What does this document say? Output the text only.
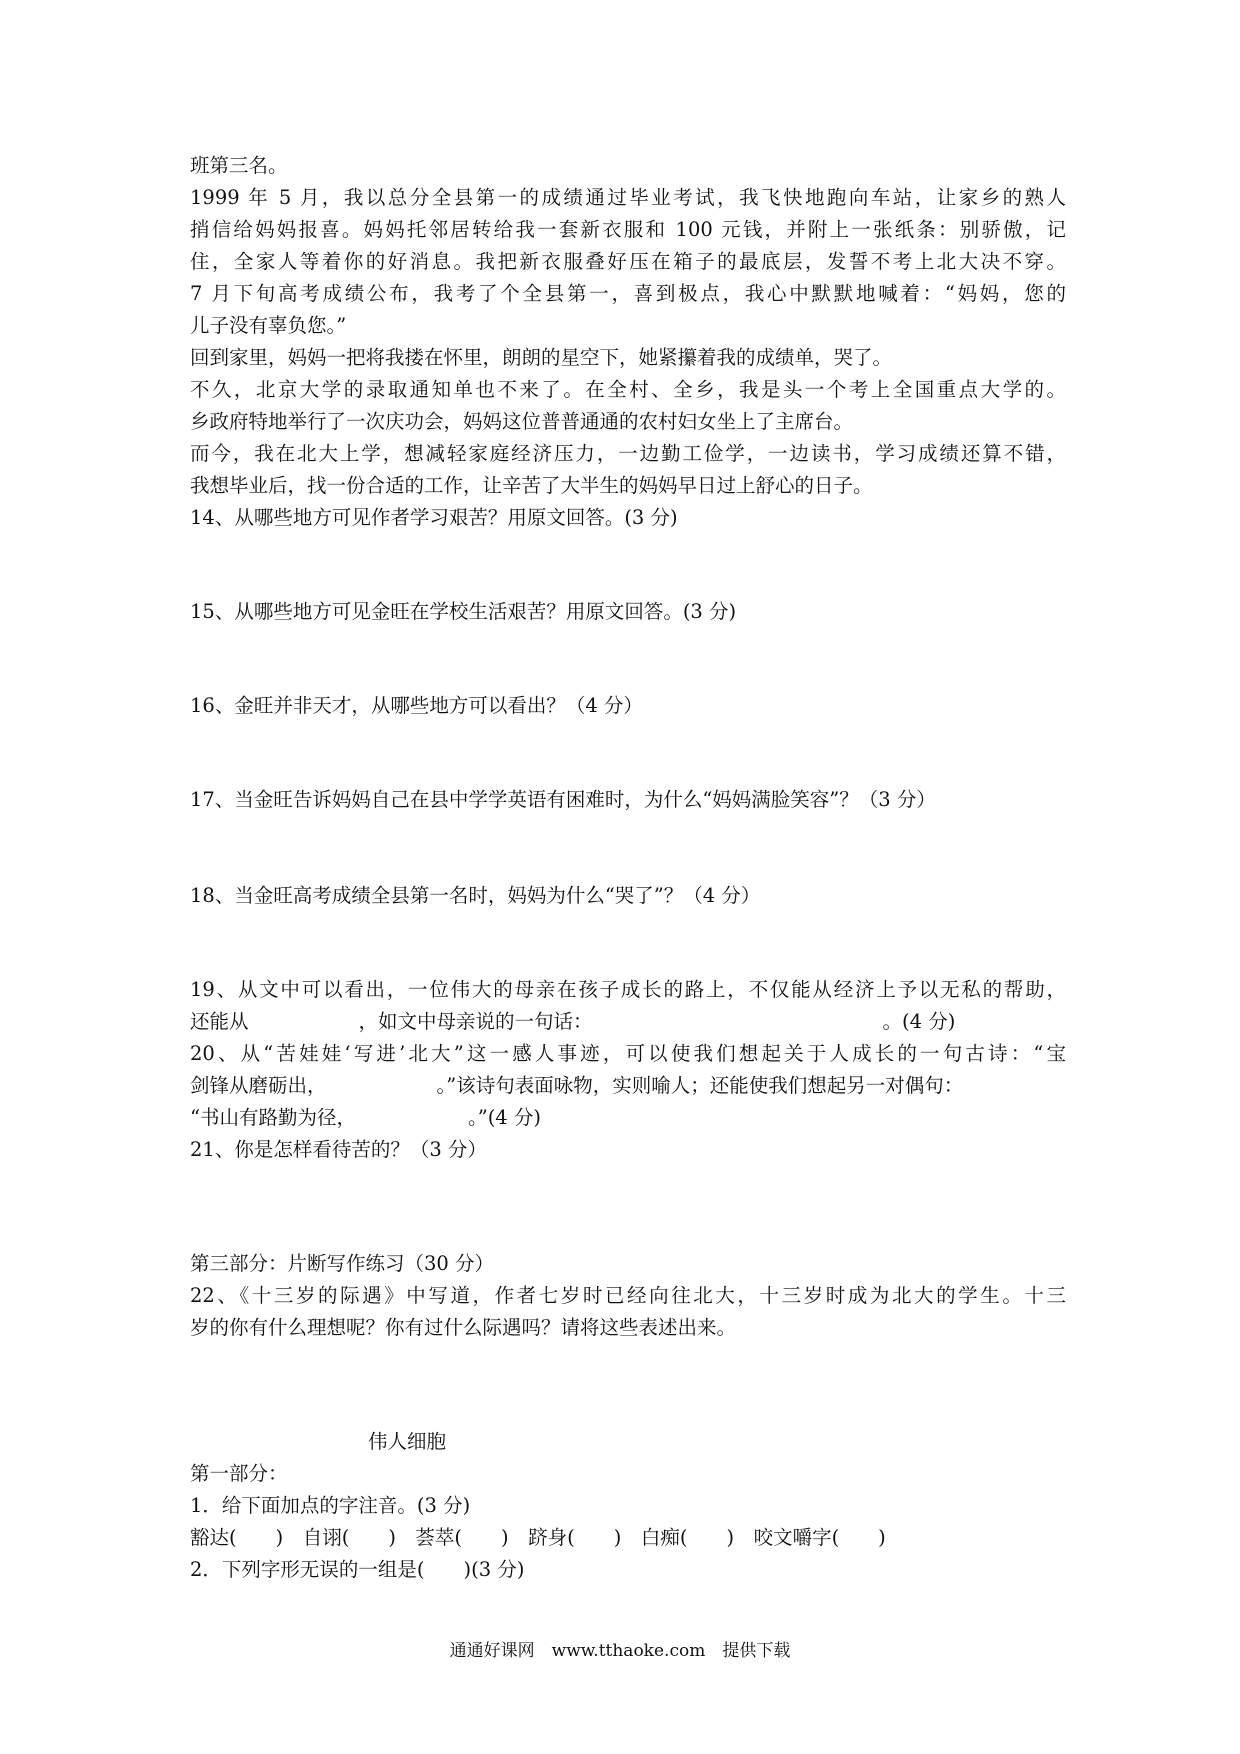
班第三名。
1999 年 5 月，我以总分全县第一的成绩通过毕业考试，我飞快地跑向车站，让家乡的熟人
捎信给妈妈报喜。妈妈托邻居转给我一套新衣服和 100 元钱，并附上一张纸条：别骄傲，记
住，全家人等着你的好消息。我把新衣服叠好压在箱子的最底层，发誓不考上北大决不穿。
7 月下旬高考成绩公布，我考了个全县第一，喜到极点，我心中默默地喊着：“妈妈，您的
儿子没有辜负您。”
回到家里，妈妈一把将我搂在怀里，朗朗的星空下，她紧攥着我的成绩单，哭了。
不久，北京大学的录取通知单也不来了。在全村、全乡，我是头一个考上全国重点大学的。
乡政府特地举行了一次庆功会，妈妈这位普普通通的农村妇女坐上了主席台。
而今，我在北大上学，想减轻家庭经济压力，一边勤工俭学，一边读书，学习成绩还算不错，
我想毕业后，找一份合适的工作，让辛苦了大半生的妈妈早日过上舒心的日子。
14、从哪些地方可见作者学习艰苦？用原文回答。(3 分)
15、从哪些地方可见金旺在学校生活艰苦？用原文回答。(3 分)
16、金旺并非天才，从哪些地方可以看出？（4 分）
17、当金旺告诉妈妈自己在县中学学英语有困难时，为什么“妈妈满脸笑容”？（3 分）
18、当金旺高考成绩全县第一名时，妈妈为什么“哭了”？（4 分）
19、从文中可以看出，一位伟大的母亲在孩子成长的路上，不仅能从经济上予以无私的帮助，
还能从	，如文中母亲说的一句话：	。(4 分)
20、从“苦娃娃‘写进’北大”这一感人事迹，可以使我们想起关于人成长的一句古诗：“宝
剑锋从磨砺出，	。”该诗句表面咏物，实则喻人；还能使我们想起另一对偶句：
“书山有路勤为径，	。”(4 分)
21、你是怎样看待苦的？（3 分）
第三部分：片断写作练习（30 分）
22、《十三岁的际遇》中写道，作者七岁时已经向往北大，十三岁时成为北大的学生。十三
岁的你有什么理想呢？你有过什么际遇吗？请将这些表述出来。
伟人细胞
第一部分：
1．给下面加点的字注音。(3 分)
豁达(　　)　自诩(　　)　荟萃(　　)　跻身(　　)　白痴(　　)　咬文嚼字(　　)
2．下列字形无误的一组是(　　)(3 分)
通通好课网　www.tthaoke.com　提供下载
